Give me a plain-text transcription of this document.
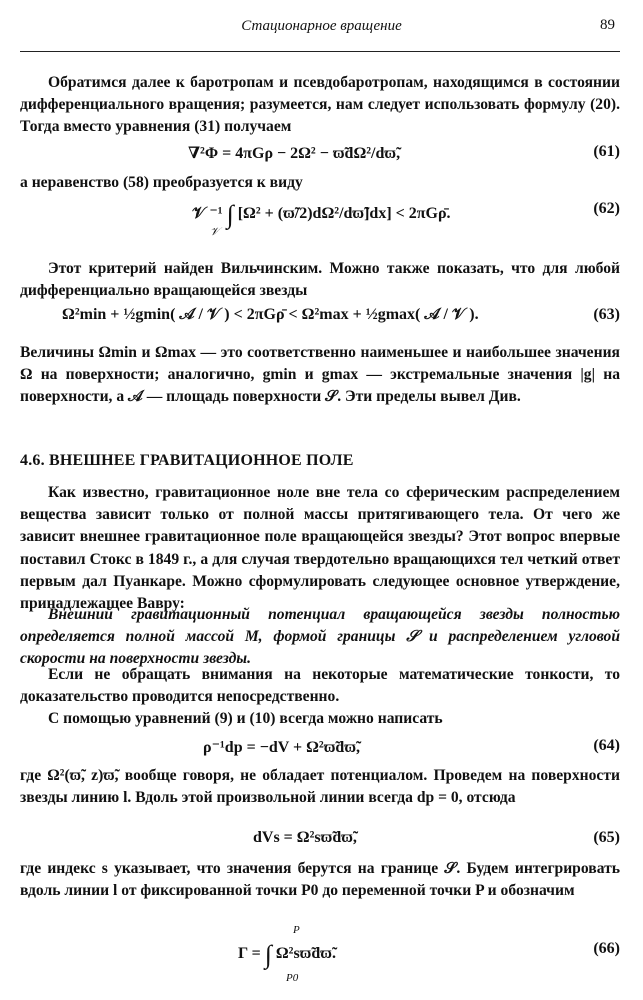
Стационарное вращение	89

Обратимся далее к баротропам и псевдобаротропам, находящимся в состоянии дифференциального вращения; разумеется, нам следует использовать формулу (20). Тогда вместо уравнения (31) получаем

∇²Φ = 4πGρ − 2Ω² − ϖ̃dΩ²/dϖ̃,	(61)

а неравенство (58) преобразуется к виду

𝒱 ⁻¹ ∫ [Ω² + (ϖ̃/2)dΩ²/dϖ̃]dx] < 2πGρ̄.
𝒱
(62)

Этот критерий найден Вильчинским. Можно также показать, что для любой дифференциально вращающейся звезды

Ω²min + ½gmin( 𝒜 / 𝒱 ) < 2πGρ̄ < Ω²max + ½gmax( 𝒜 / 𝒱 ).	(63)

Величины Ωmin и Ωmax — это соответственно наименьшее и наибольшее значения Ω на поверхности; аналогично, gmin и gmax — экстремальные значения |g| на поверхности, а 𝒜 — площадь поверхности 𝒮. Эти пределы вывел Див.

4.6. ВНЕШНЕЕ ГРАВИТАЦИОННОЕ ПОЛЕ

Как известно, гравитационное ноле вне тела со сферическим распределением вещества зависит только от полной массы притягивающего тела. От чего же зависит внешнее гравитационное поле вращающейся звезды? Этот вопрос впервые поставил Стокс в 1849 г., а для случая твердотельно вращающихся тел четкий ответ первым дал Пуанкаре. Можно сформулировать следующее основное утверждение, принадлежащее Вавру:

Внешний гравитационный потенциал вращающейся звезды полностью определяется полной массой M, формой границы 𝒮 и распределением угловой скорости на поверхности звезды.

Если не обращать внимания на некоторые математические тонкости, то доказательство проводится непосредственно.

С помощью уравнений (9) и (10) всегда можно написать

ρ⁻¹dp = −dV + Ω²ϖ̃dϖ̃,	(64)

где Ω²(ϖ̃, z)ϖ̃, вообще говоря, не обладает потенциалом. Проведем на поверхности звезды линию l. Вдоль этой произвольной линии всегда dp = 0, отсюда

dVs = Ω²sϖ̃dϖ̃,	(65)

где индекс s указывает, что значения берутся на границе 𝒮. Будем интегрировать вдоль линии l от фиксированной точки P0 до переменной точки P и обозначим

P
Γ = ∫ Ω²sϖ̃dϖ̃.
P0
(66)
